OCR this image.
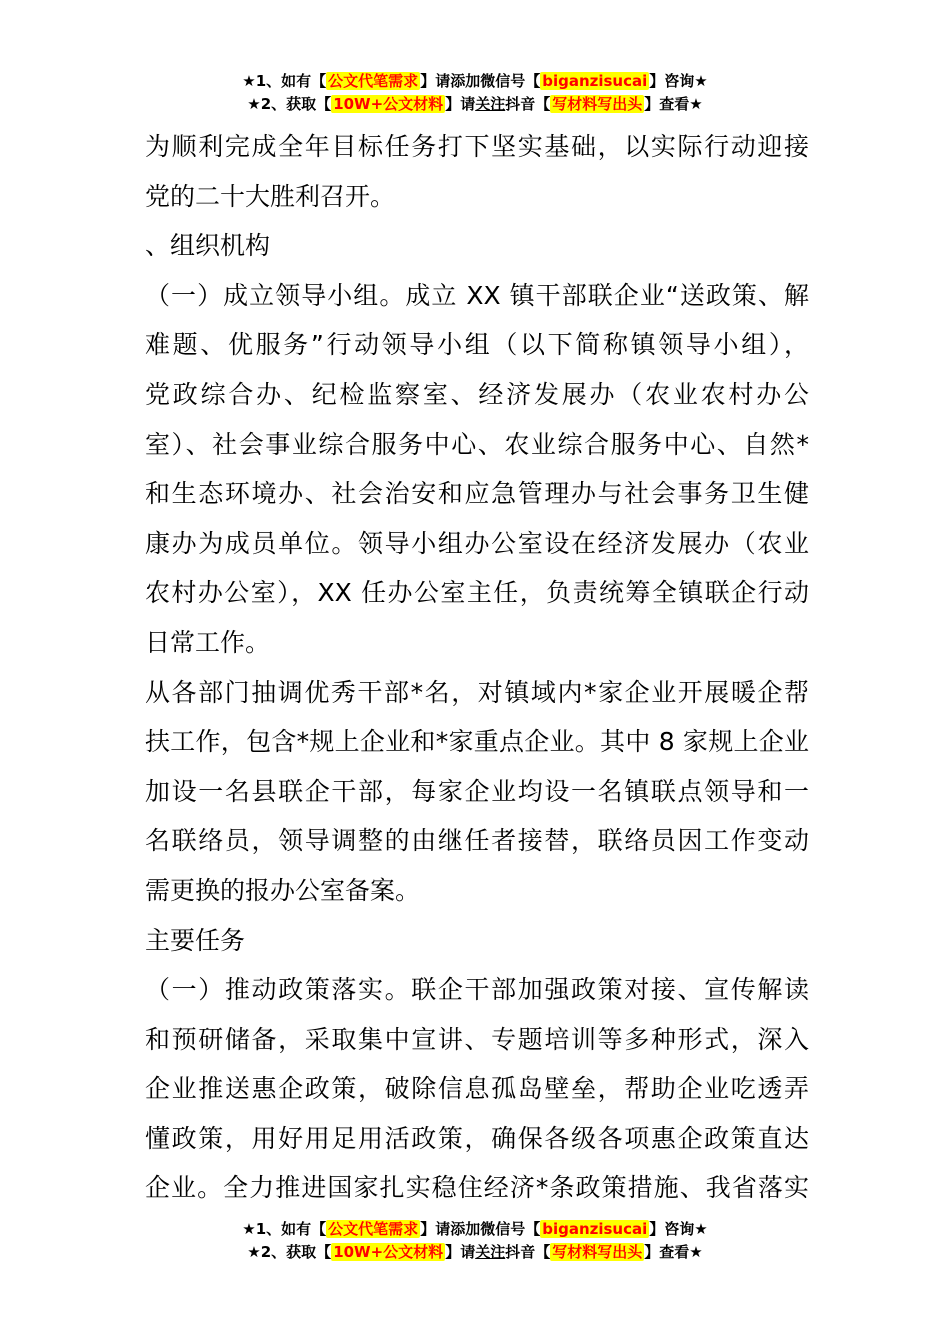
★1、如有【 公文代笔需求 】请添加微信号【 biganzisucai 】咨询★
★2、获取【 10W+公文材料 】请关注抖音【 写材料写出头 】查看★
为顺利完成全年目标任务打下坚实基础，以实际行动迎接
党的二十大胜利召开。
、组织机构
（一）成立领导小组。成立 XX 镇干部联企业“送政策、解
难题、优服务”行动领导小组（以下简称镇领导小组），
党政综合办、纪检监察室、经济发展办（农业农村办公
室）、社会事业综合服务中心、农业综合服务中心、自然*
和生态环境办、社会治安和应急管理办与社会事务卫生健
康办为成员单位。领导小组办公室设在经济发展办（农业
农村办公室），XX 任办公室主任，负责统筹全镇联企行动
日常工作。
从各部门抽调优秀干部*名，对镇域内*家企业开展暖企帮
扶工作，包含*规上企业和*家重点企业。其中 8 家规上企业
加设一名县联企干部，每家企业均设一名镇联点领导和一
名联络员，领导调整的由继任者接替，联络员因工作变动
需更换的报办公室备案。
主要任务
（一）推动政策落实。联企干部加强政策对接、宣传解读
和预研储备，采取集中宣讲、专题培训等多种形式，深入
企业推送惠企政策，破除信息孤岛壁垒，帮助企业吃透弄
懂政策，用好用足用活政策，确保各级各项惠企政策直达
企业。全力推进国家扎实稳住经济*条政策措施、我省落实
★1、如有【 公文代笔需求 】请添加微信号【 biganzisucai 】咨询★
★2、获取【 10W+公文材料 】请关注抖音【 写材料写出头 】查看★
